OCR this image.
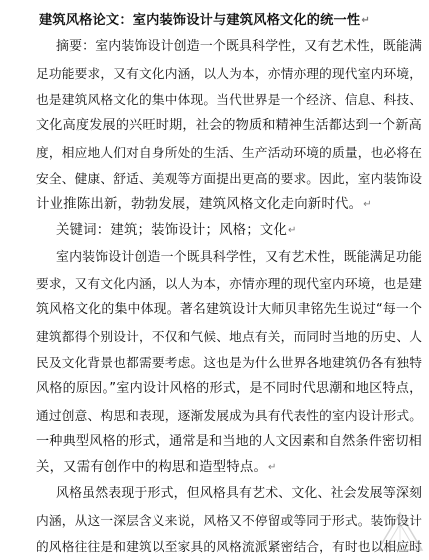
建筑风格论文：室内装饰设计与建筑风格文化的统一性↵
摘要：室内装饰设计创造一个既具科学性，又有艺术性，既能满
足功能要求，又有文化内涵，以人为本，亦情亦理的现代室内环境，
也是建筑风格文化的集中体现。当代世界是一个经济、信息、科技、
文化高度发展的兴旺时期，社会的物质和精神生活都达到一个新高
度，相应地人们对自身所处的生活、生产活动环境的质量，也必将在
安全、健康、舒适、美观等方面提出更高的要求。因此，室内装饰设
计业推陈出新，勃勃发展，建筑风格文化走向新时代。↵
关键词：建筑；装饰设计；风格；文化↵
室内装饰设计创造一个既具科学性，又有艺术性，既能满足功能
要求，又有文化内涵，以人为本，亦情亦理的现代室内环境，也是建
筑风格文化的集中体现。著名建筑设计大师贝聿铭先生说过“每一个
建筑都得个别设计，不仅和气候、地点有关，而同时当地的历史、人
民及文化背景也都需要考虑。这也是为什么世界各地建筑仍各有独特
风格的原因。”室内设计风格的形式，是不同时代思潮和地区特点，
通过创意、构思和表现，逐渐发展成为具有代表性的室内设计形式。
一种典型风格的形式，通常是和当地的人文因素和自然条件密切相
关，又需有创作中的构思和造型特点。↵
风格虽然表现于形式，但风格具有艺术、文化、社会发展等深刻
内涵，从这一深层含义来说，风格又不停留或等同于形式。装饰设计
的风格往往是和建筑以至家具的风格流派紧密结合，有时也以相应时
